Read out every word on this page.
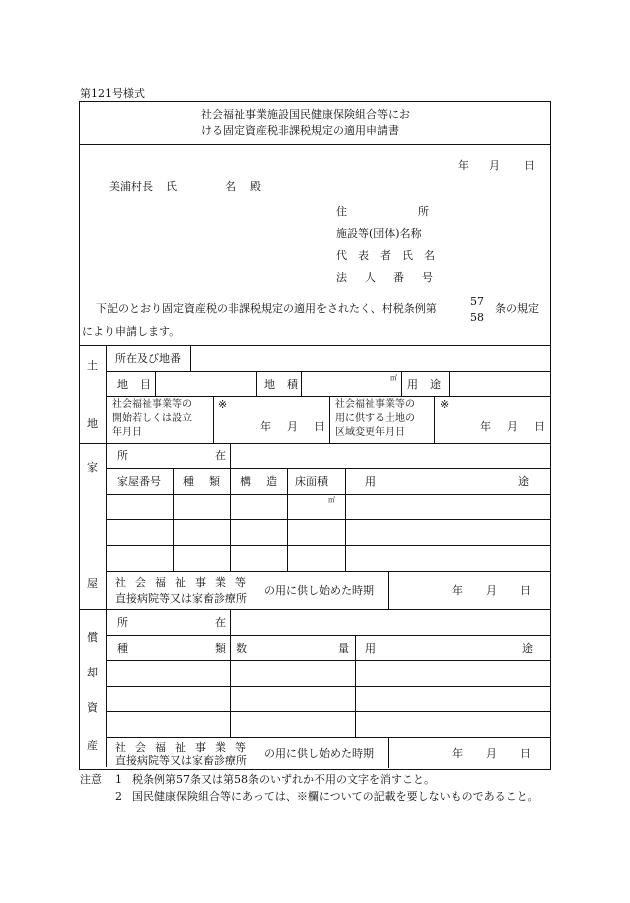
第121号様式
社会福祉事業施設国民健康保険組合等にお
ける固定資産税非課税規定の適用申請書
年 月 日
美浦村長 氏	名 殿
住	所
施設等(団体)名称
代 表 者 氏 名
法 人 番 号
下記のとおり固定資産税の非課税規定の適用をされたく、村税条例第
57
58
条の規定
により申請します。
土
地
所在及び地番
地 目	地 積	㎡ 用 途
社会福祉事業等の
開始若しくは設立
年月日
※
年 月 日
社会福祉事業等の
用に供する土地の
区域変更年月日
※
年 月 日
家
屋
所	在
家屋番号 種 類 構 造 床面積	用	途
㎡
社 会 福 祉 事 業 等
直接病院等又は家畜診療所
の用に供し始めた時期	年 月 日
償
却
資
産
所	在
種	類 数	量 用	途
社 会 福 祉 事 業 等
直接病院等又は家畜診療所
の用に供し始めた時期	年 月 日
注意 1 税条例第57条又は第58条のいずれか不用の文字を消すこと。
2 国民健康保険組合等にあっては、※欄についての記載を要しないものであること。
